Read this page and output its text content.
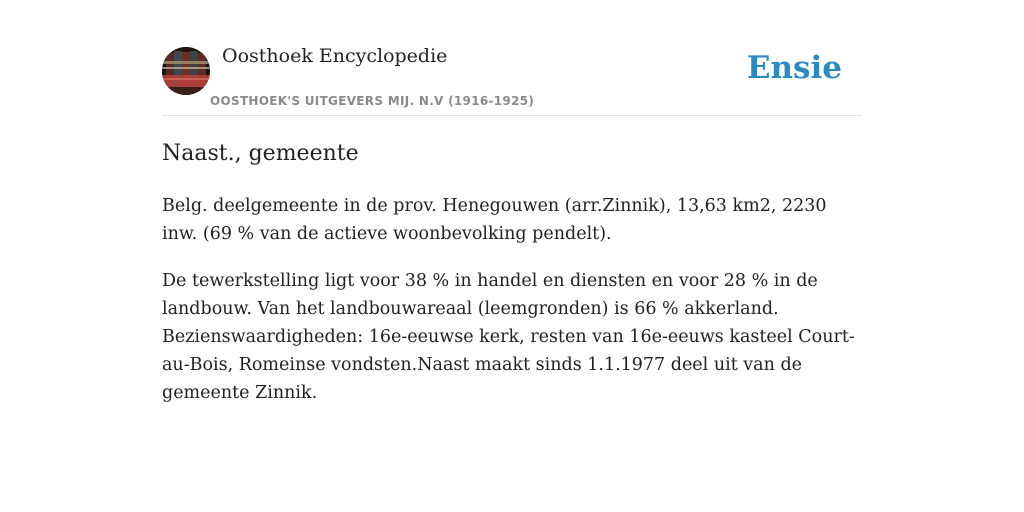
Oosthoek Encyclopedie
OOSTHOEK'S UITGEVERS MIJ. N.V (1916-1925)
Ensie
Naast., gemeente

Belg. deelgemeente in de prov. Henegouwen (arr.Zinnik), 13,63 km2, 2230 inw. (69 % van de actieve woonbevolking pendelt).

De tewerkstelling ligt voor 38 % in handel en diensten en voor 28 % in de landbouw. Van het landbouwareaal (leemgronden) is 66 % akkerland. Bezienswaardigheden: 16e-eeuwse kerk, resten van 16e-eeuws kasteel Court-au-Bois, Romeinse vondsten.Naast maakt sinds 1.1.1977 deel uit van de gemeente Zinnik.
